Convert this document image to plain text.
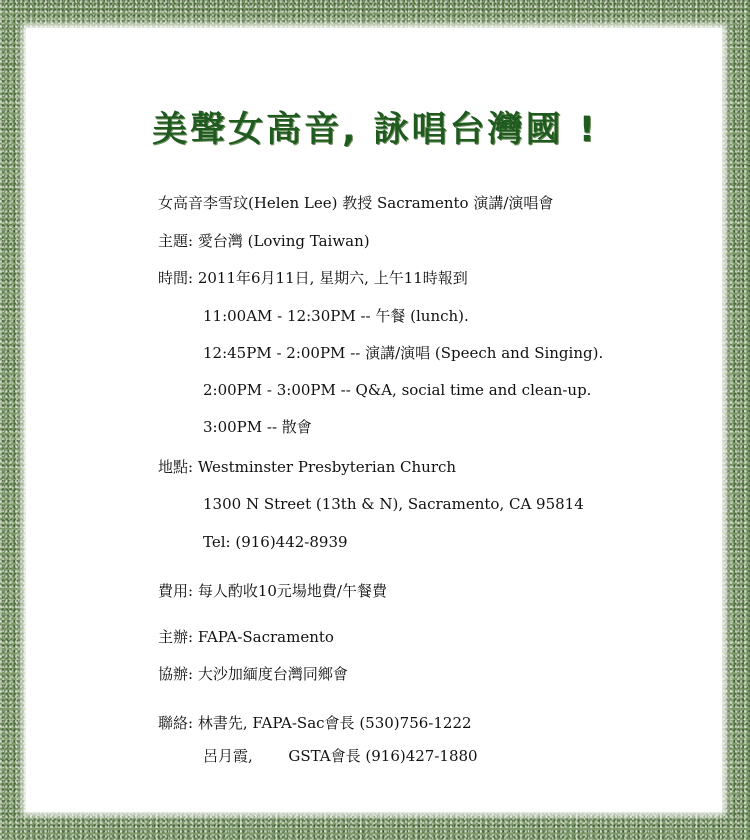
美聲女高音, 詠唱台灣國 !
女高音李雪玟(Helen Lee) 教授 Sacramento 演講/演唱會
主題: 愛台灣 (Loving Taiwan)
時間: 2011年6月11日, 星期六, 上午11時報到
11:00AM - 12:30PM -- 午餐 (lunch).
12:45PM - 2:00PM -- 演講/演唱 (Speech and Singing).
2:00PM - 3:00PM -- Q&A, social time and clean-up.
3:00PM -- 散會
地點: Westminster Presbyterian Church
1300 N Street (13th & N), Sacramento, CA 95814
Tel: (916)442-8939
費用: 每人酌收10元場地費/午餐費
主辦: FAPA-Sacramento
協辦: 大沙加緬度台灣同鄉會
聯絡: 林書先, FAPA-Sac會長 (530)756-1222
呂月霞, GSTA會長 (916)427-1880
